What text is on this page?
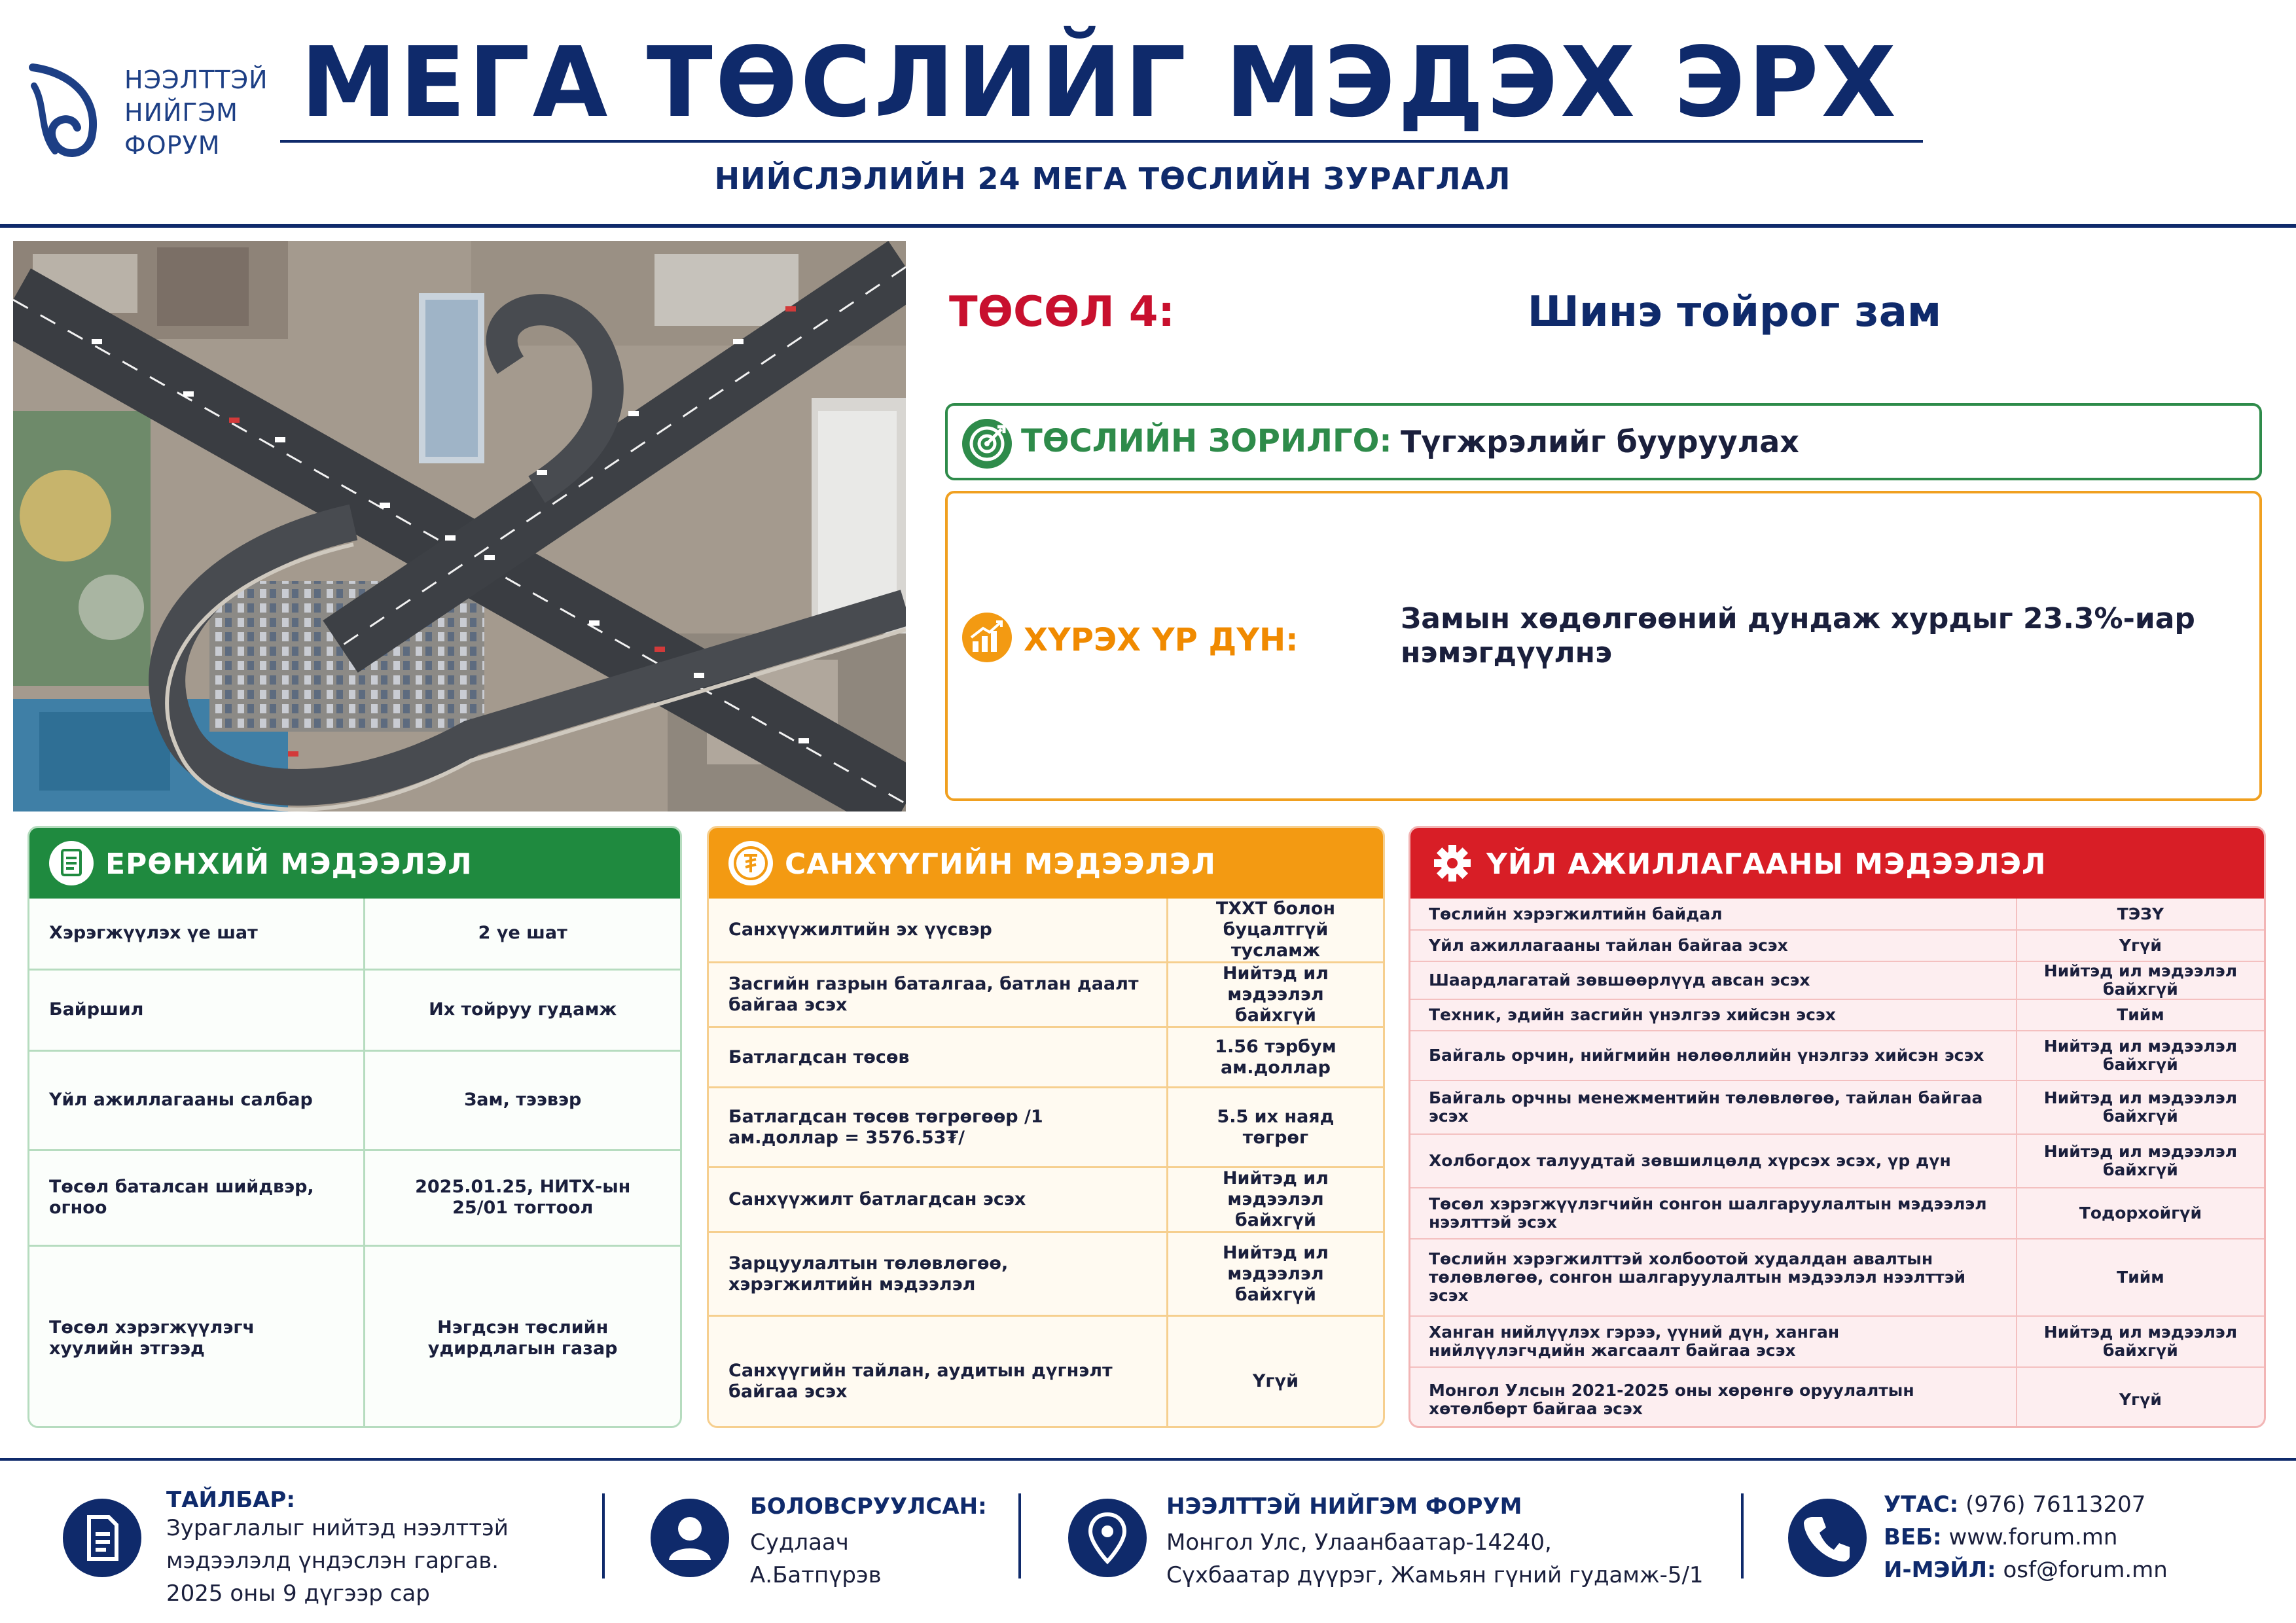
НЭЭЛТТЭЙ
НИЙГЭМ
ФОРУМ
МЕГА ТӨСЛИЙГ МЭДЭХ ЭРХ
НИЙСЛЭЛИЙН 24 МЕГА ТӨСЛИЙН ЗУРАГЛАЛ
ТӨСӨЛ 4:	Шинэ тойрог зам
ТӨСЛИЙН ЗОРИЛГО: Түгжрэлийг бууруулах
ХҮРЭХ ҮР ДҮН:
Замын хөдөлгөөний дундаж хурдыг 23.3%-иар нэмэгдүүлнэ
ЕРӨНХИЙ МЭДЭЭЛЭЛ
Хэрэгжүүлэх үе шат	2 үе шат
Байршил	Их тойруу гудамж
Үйл ажиллагааны салбар	Зам, тээвэр
Төсөл баталсан шийдвэр, огноо	2025.01.25, НИТХ-ын 25/01 тогтоол
Төсөл хэрэгжүүлэгч хуулийн этгээд	Нэгдсэн төслийн удирдлагын газар
САНХҮҮГИЙН МЭДЭЭЛЭЛ
Санхүүжилтийн эх үүсвэр	ТХХТ болон буцалтгүй тусламж
Засгийн газрын баталгаа, батлан даалт байгаа эсэх	Нийтэд ил мэдээлэл байхгүй
Батлагдсан төсөв	1.56 тэрбум ам.доллар
Батлагдсан төсөв төгрөгөөр /1 ам.доллар = 3576.53₮/	5.5 их наяд төгрөг
Санхүүжилт батлагдсан эсэх	Нийтэд ил мэдээлэл байхгүй
Зарцуулалтын төлөвлөгөө, хэрэгжилтийн мэдээлэл	Нийтэд ил мэдээлэл байхгүй
Санхүүгийн тайлан, аудитын дүгнэлт байгаа эсэх	Үгүй
ҮЙЛ АЖИЛЛАГААНЫ МЭДЭЭЛЭЛ
Төслийн хэрэгжилтийн байдал	ТЭЗҮ
Үйл ажиллагааны тайлан байгаа эсэх	Үгүй
Шаардлагатай зөвшөөрлүүд авсан эсэх	Нийтэд ил мэдээлэл байхгүй
Техник, эдийн засгийн үнэлгээ хийсэн эсэх	Тийм
Байгаль орчин, нийгмийн нөлөөллийн үнэлгээ хийсэн эсэх	Нийтэд ил мэдээлэл байхгүй
Байгаль орчны менежментийн төлөвлөгөө, тайлан байгаа эсэх	Нийтэд ил мэдээлэл байхгүй
Холбогдох талуудтай зөвшилцөлд хүрсэх эсэх, үр дүн	Нийтэд ил мэдээлэл байхгүй
Төсөл хэрэгжүүлэгчийн сонгон шалгаруулалтын мэдээлэл нээлттэй эсэх	Тодорхойгүй
Төслийн хэрэгжилттэй холбоотой худалдан авалтын төлөвлөгөө, сонгон шалгаруулалтын мэдээлэл нээлттэй эсэх	Тийм
Ханган нийлүүлэх гэрээ, үүний дүн, ханган нийлүүлэгчдийн жагсаалт байгаа эсэх	Нийтэд ил мэдээлэл байхгүй
Монгол Улсын 2021-2025 оны хөрөнгө оруулалтын хөтөлбөрт байгаа эсэх	Үгүй
ТАЙЛБАР:
Зураглалыг нийтэд нээлттэй
мэдээлэлд үндэслэн гаргав.
2025 оны 9 дүгээр сар
БОЛОВСРУУЛСАН:
Судлаач
А.Батпүрэв
НЭЭЛТТЭЙ НИЙГЭМ ФОРУМ
Монгол Улс, Улаанбаатар-14240,
Сүхбаатар дүүрэг, Жамьян гүний гудамж-5/1
УТАС: (976) 76113207
ВЕБ: www.forum.mn
И-МЭЙЛ: osf@forum.mn
